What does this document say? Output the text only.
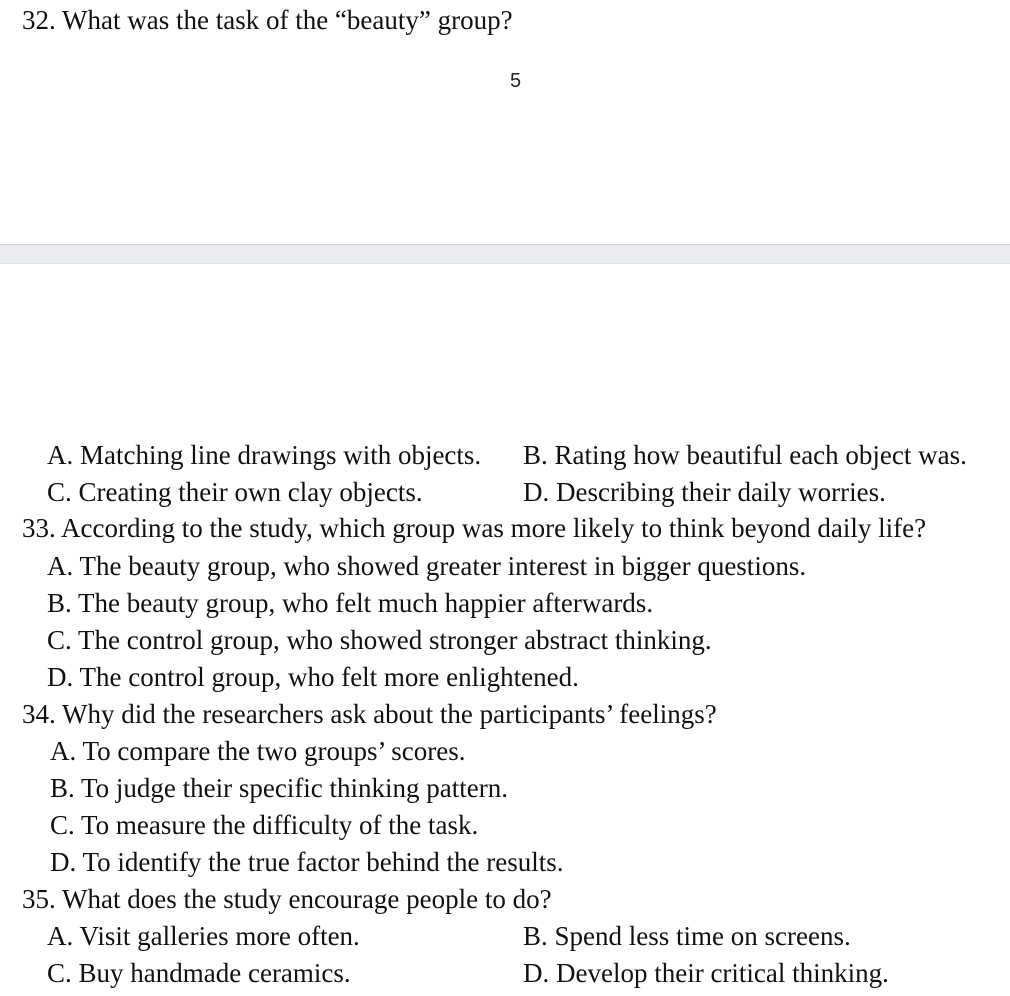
32. What was the task of the “beauty” group?
5
A. Matching line drawings with objects. B. Rating how beautiful each object was.
C. Creating their own clay objects.	D. Describing their daily worries.
33. According to the study, which group was more likely to think beyond daily life?
A. The beauty group, who showed greater interest in bigger questions.
B. The beauty group, who felt much happier afterwards.
C. The control group, who showed stronger abstract thinking.
D. The control group, who felt more enlightened.
34. Why did the researchers ask about the participants’ feelings?
A. To compare the two groups’ scores.
B. To judge their specific thinking pattern.
C. To measure the difficulty of the task.
D. To identify the true factor behind the results.
35. What does the study encourage people to do?
A. Visit galleries more often.	B. Spend less time on screens.
C. Buy handmade ceramics.	D. Develop their critical thinking.
